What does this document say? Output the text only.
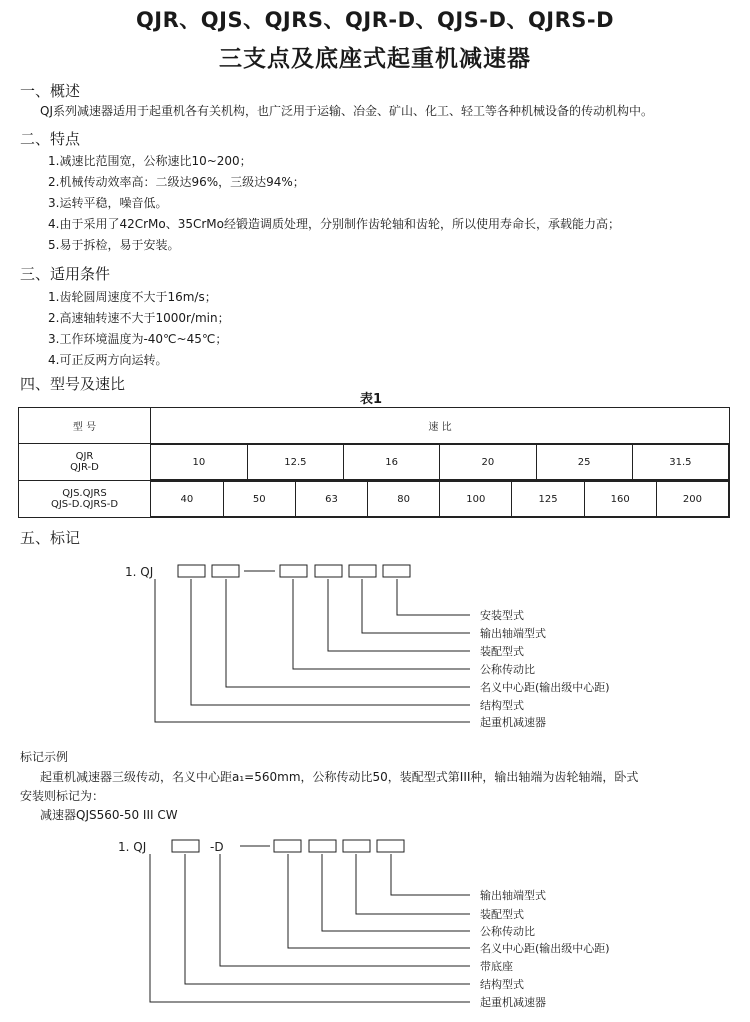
QJR、QJS、QJRS、QJR-D、QJS-D、QJRS-D
三支点及底座式起重机减速器
一、概述
QJ系列减速器适用于起重机各有关机构，也广泛用于运输、冶金、矿山、化工、轻工等各种机械设备的传动机构中。
二、特点
1.减速比范围宽，公称速比10~200；
2.机械传动效率高：二级达96%，三级达94%；
3.运转平稳，噪音低。
4.由于采用了42CrMo、35CrMo经锻造调质处理，分别制作齿轮轴和齿轮，所以使用寿命长，承载能力高；
5.易于拆检，易于安装。
三、适用条件
1.齿轮圆周速度不大于16m/s；
2.高速轴转速不大于1000r/min；
3.工作环境温度为-40℃~45℃；
4.可正反两方向运转。
四、型号及速比
表1
型 号	速 比

QJR
QJR-D
		10	12.5	16	20	25	31.5

QJS.QJRS
QJS-D.QJRS-D
		40	50	63	80	100	125	160	200
五、标记
1. QJ
安装型式
输出轴端型式
装配型式
公称传动比
名义中心距(输出级中心距)
结构型式
起重机减速器
标记示例
起重机减速器三级传动，名义中心距a₁=560mm，公称传动比50，装配型式第III种，输出轴端为齿轮轴端，卧式
安装则标记为：
减速器QJS560-50 III CW
1. QJ	-D
输出轴端型式
装配型式
公称传动比
名义中心距(输出级中心距)
带底座
结构型式
起重机减速器
